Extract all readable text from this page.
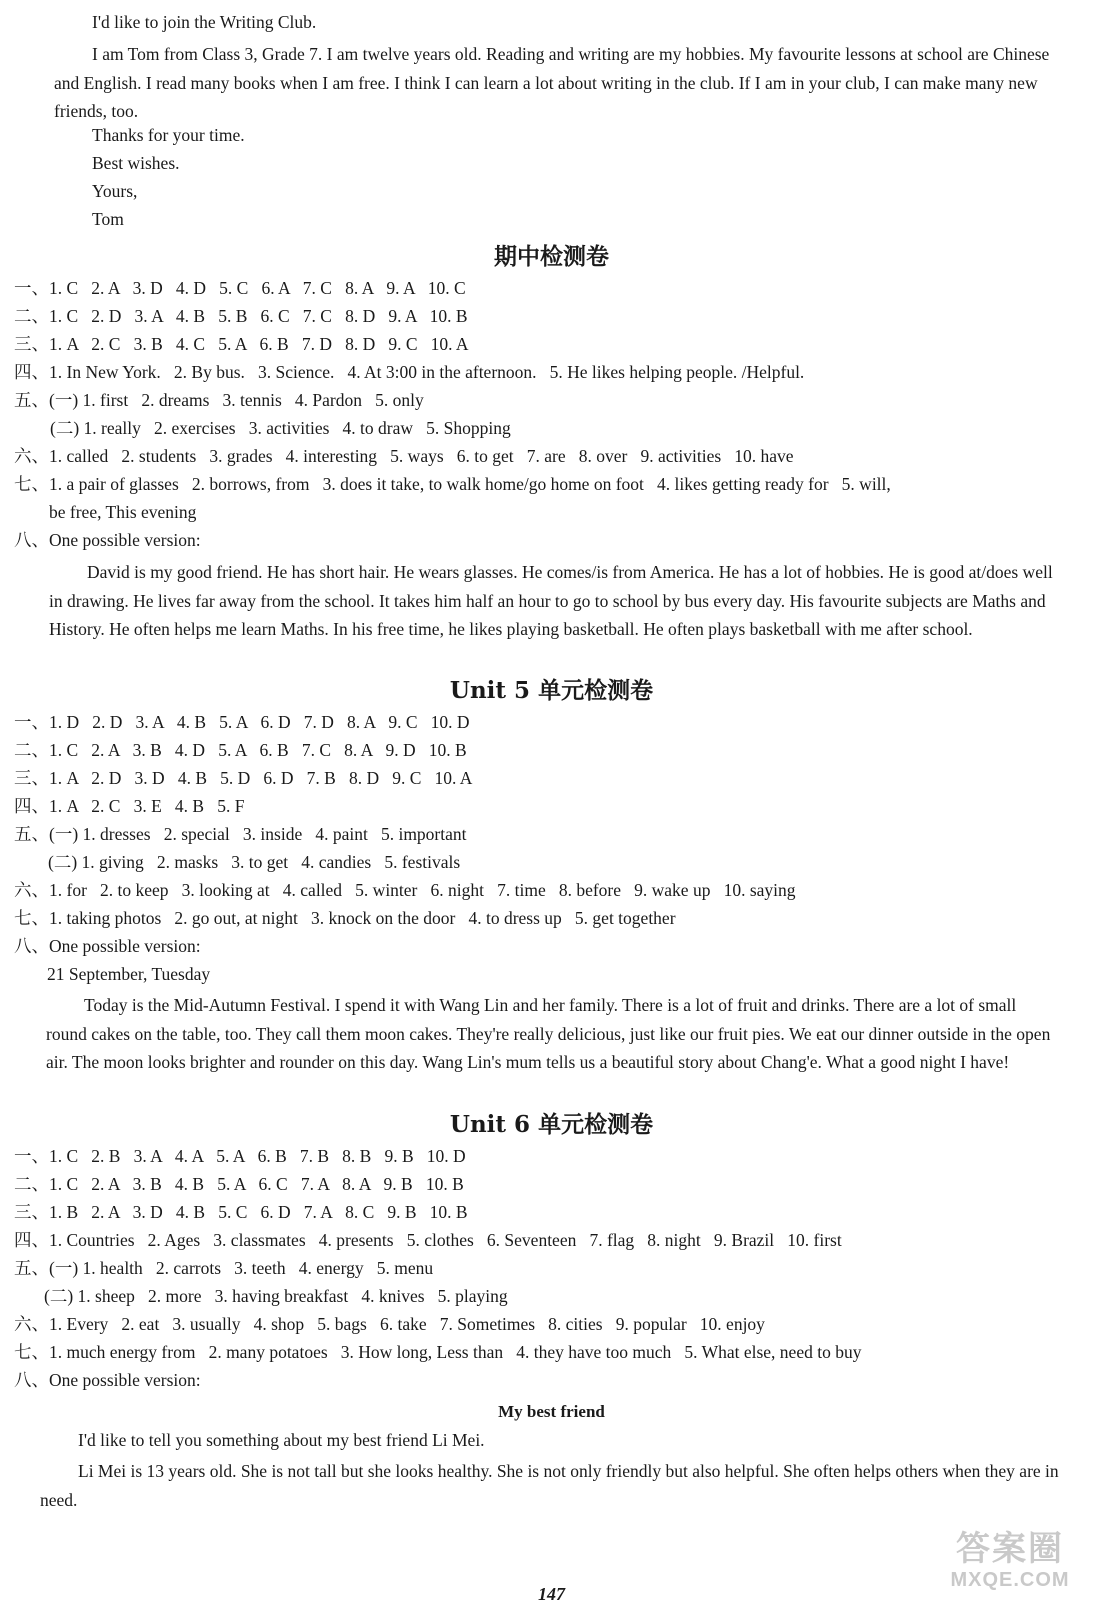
I'd like to join the Writing Club.
I am Tom from Class 3, Grade 7. I am twelve years old. Reading and writing are my hobbies. My favourite lessons at school are Chinese and English. I read many books when I am free. I think I can learn a lot about writing in the club. If I am in your club, I can make many new friends, too.
Thanks for your time.
Best wishes.
Yours,
Tom
期中检测卷
一、1. C   2. A   3. D   4. D   5. C   6. A   7. C   8. A   9. A   10. C
二、1. C   2. D   3. A   4. B   5. B   6. C   7. C   8. D   9. A   10. B
三、1. A   2. C   3. B   4. C   5. A   6. B   7. D   8. D   9. C   10. A
四、1. In New York.   2. By bus.   3. Science.   4. At 3:00 in the afternoon.   5. He likes helping people. /Helpful.
五、(一) 1. first   2. dreams   3. tennis   4. Pardon   5. only
(二) 1. really   2. exercises   3. activities   4. to draw   5. Shopping
六、1. called   2. students   3. grades   4. interesting   5. ways   6. to get   7. are   8. over   9. activities   10. have
七、1. a pair of glasses   2. borrows, from   3. does it take, to walk home/go home on foot   4. likes getting ready for   5. will,
be free, This evening
八、One possible version:
David is my good friend. He has short hair. He wears glasses. He comes/is from America. He has a lot of hobbies. He is good at/does well in drawing. He lives far away from the school. It takes him half an hour to go to school by bus every day. His favourite subjects are Maths and History. He often helps me learn Maths. In his free time, he likes playing basketball. He often plays basketball with me after school.
Unit 5 单元检测卷
一、1. D   2. D   3. A   4. B   5. A   6. D   7. D   8. A   9. C   10. D
二、1. C   2. A   3. B   4. D   5. A   6. B   7. C   8. A   9. D   10. B
三、1. A   2. D   3. D   4. B   5. D   6. D   7. B   8. D   9. C   10. A
四、1. A   2. C   3. E   4. B   5. F
五、(一) 1. dresses   2. special   3. inside   4. paint   5. important
(二) 1. giving   2. masks   3. to get   4. candies   5. festivals
六、1. for   2. to keep   3. looking at   4. called   5. winter   6. night   7. time   8. before   9. wake up   10. saying
七、1. taking photos   2. go out, at night   3. knock on the door   4. to dress up   5. get together
八、One possible version:
21 September, Tuesday
Today is the Mid-Autumn Festival. I spend it with Wang Lin and her family. There is a lot of fruit and drinks. There are a lot of small round cakes on the table, too. They call them moon cakes. They're really delicious, just like our fruit pies. We eat our dinner outside in the open air. The moon looks brighter and rounder on this day. Wang Lin's mum tells us a beautiful story about Chang'e. What a good night I have!
Unit 6 单元检测卷
一、1. C   2. B   3. A   4. A   5. A   6. B   7. B   8. B   9. B   10. D
二、1. C   2. A   3. B   4. B   5. A   6. C   7. A   8. A   9. B   10. B
三、1. B   2. A   3. D   4. B   5. C   6. D   7. A   8. C   9. B   10. B
四、1. Countries   2. Ages   3. classmates   4. presents   5. clothes   6. Seventeen   7. flag   8. night   9. Brazil   10. first
五、(一) 1. health   2. carrots   3. teeth   4. energy   5. menu
(二) 1. sheep   2. more   3. having breakfast   4. knives   5. playing
六、1. Every   2. eat   3. usually   4. shop   5. bags   6. take   7. Sometimes   8. cities   9. popular   10. enjoy
七、1. much energy from   2. many potatoes   3. How long, Less than   4. they have too much   5. What else, need to buy
八、One possible version:
My best friend
I'd like to tell you something about my best friend Li Mei.
Li Mei is 13 years old. She is not tall but she looks healthy. She is not only friendly but also helpful. She often helps others when they are in need.
147
答案圈
MXQE.COM
